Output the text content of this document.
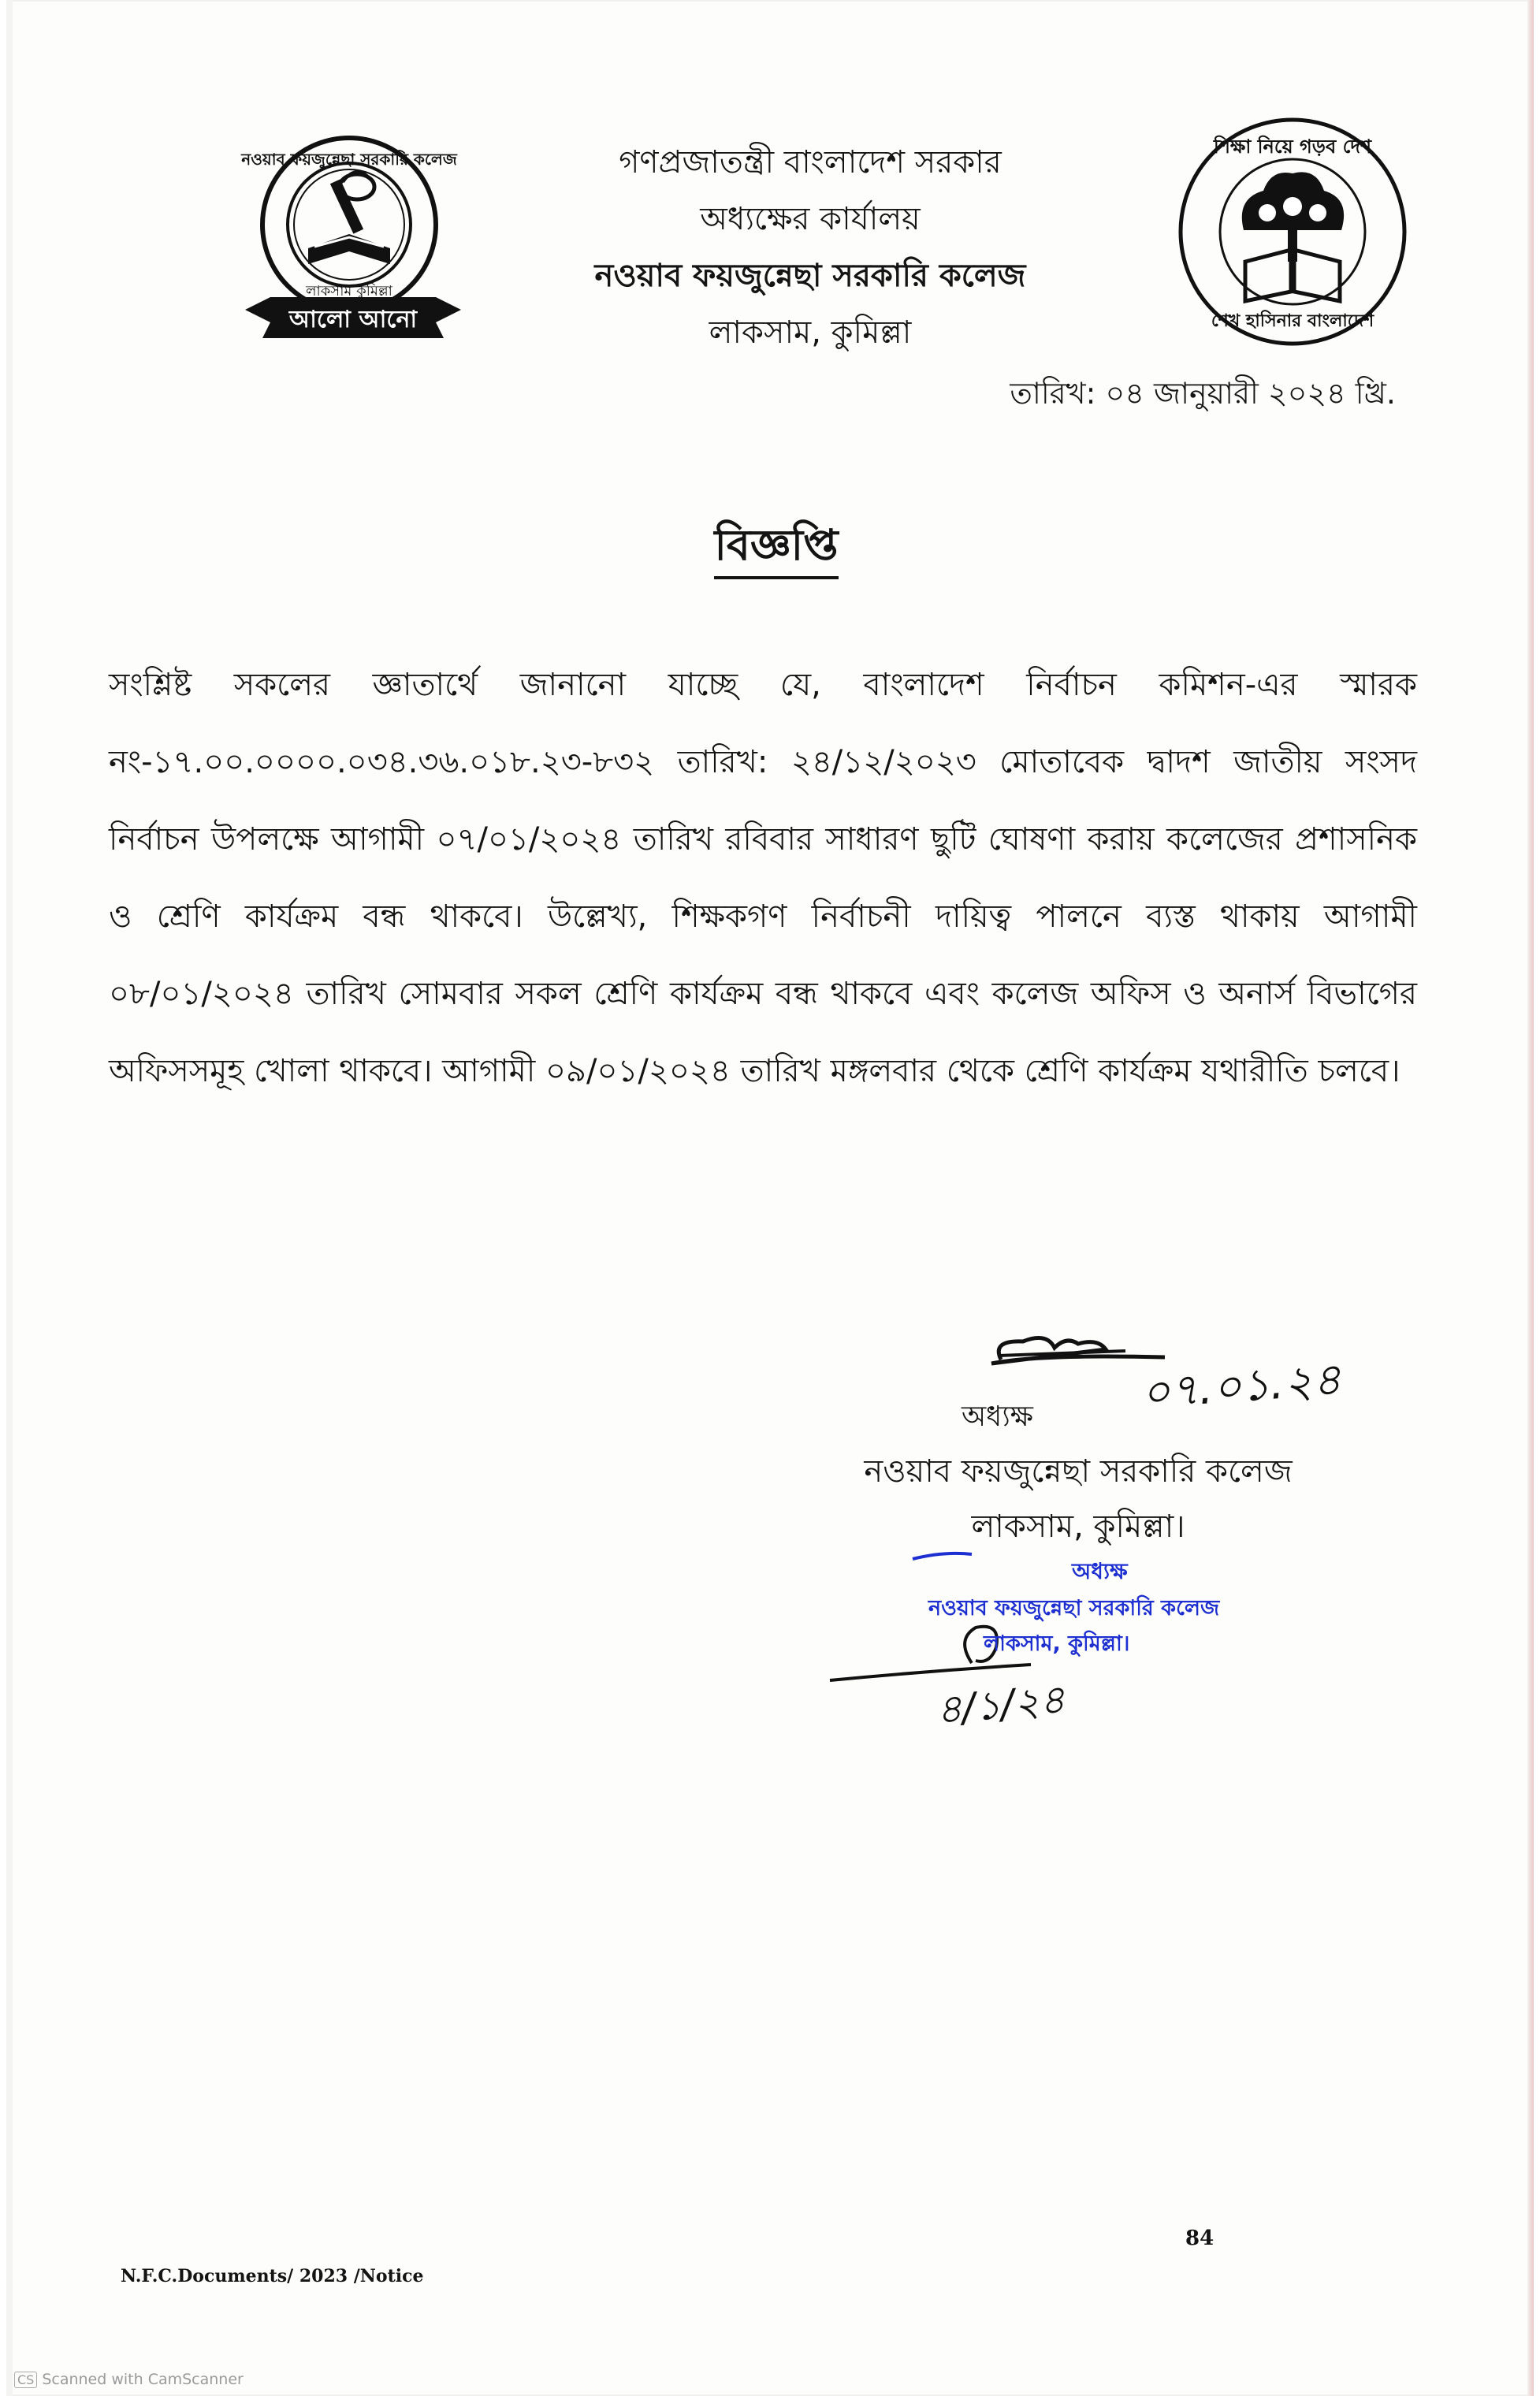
আলো আনো
নওয়াব ফয়জুন্নেছা সরকারি কলেজ
লাকসাম কুমিল্লা
গণপ্রজাতন্ত্রী বাংলাদেশ সরকার
অধ্যক্ষের কার্যালয়
নওয়াব ফয়জুন্নেছা সরকারি কলেজ
লাকসাম, কুমিল্লা
শিক্ষা নিয়ে গড়ব দেশ
শেখ হাসিনার বাংলাদেশ
তারিখ: ০৪ জানুয়ারী ২০২৪ খ্রি.
বিজ্ঞপ্তি
সংশ্লিষ্ট সকলের জ্ঞাতার্থে জানানো যাচ্ছে যে, বাংলাদেশ নির্বাচন কমিশন-এর স্মারক নং-১৭.০০.০০০০.০৩৪.৩৬.০১৮.২৩-৮৩২ তারিখ: ২৪/১২/২০২৩ মোতাবেক দ্বাদশ জাতীয় সংসদ নির্বাচন উপলক্ষে আগামী ০৭/০১/২০২৪ তারিখ রবিবার সাধারণ ছুটি ঘোষণা করায় কলেজের প্রশাসনিক ও শ্রেণি কার্যক্রম বন্ধ থাকবে। উল্লেখ্য, শিক্ষকগণ নির্বাচনী দায়িত্ব পালনে ব্যস্ত থাকায় আগামী ০৮/০১/২০২৪ তারিখ সোমবার সকল শ্রেণি কার্যক্রম বন্ধ থাকবে এবং কলেজ অফিস ও অনার্স বিভাগের অফিসসমূহ খোলা থাকবে। আগামী ০৯/০১/২০২৪ তারিখ মঙ্গলবার থেকে শ্রেণি কার্যক্রম যথারীতি চলবে।
০৭.০১.২৪
৪/১/২৪
অধ্যক্ষ
নওয়াব ফয়জুন্নেছা সরকারি কলেজ
লাকসাম, কুমিল্লা।
অধ্যক্ষ
নওয়াব ফয়জুন্নেছা সরকারি কলেজ
লাকসাম, কুমিল্লা।
84
N.F.C.Documents/ 2023 /Notice
CS Scanned with CamScanner
